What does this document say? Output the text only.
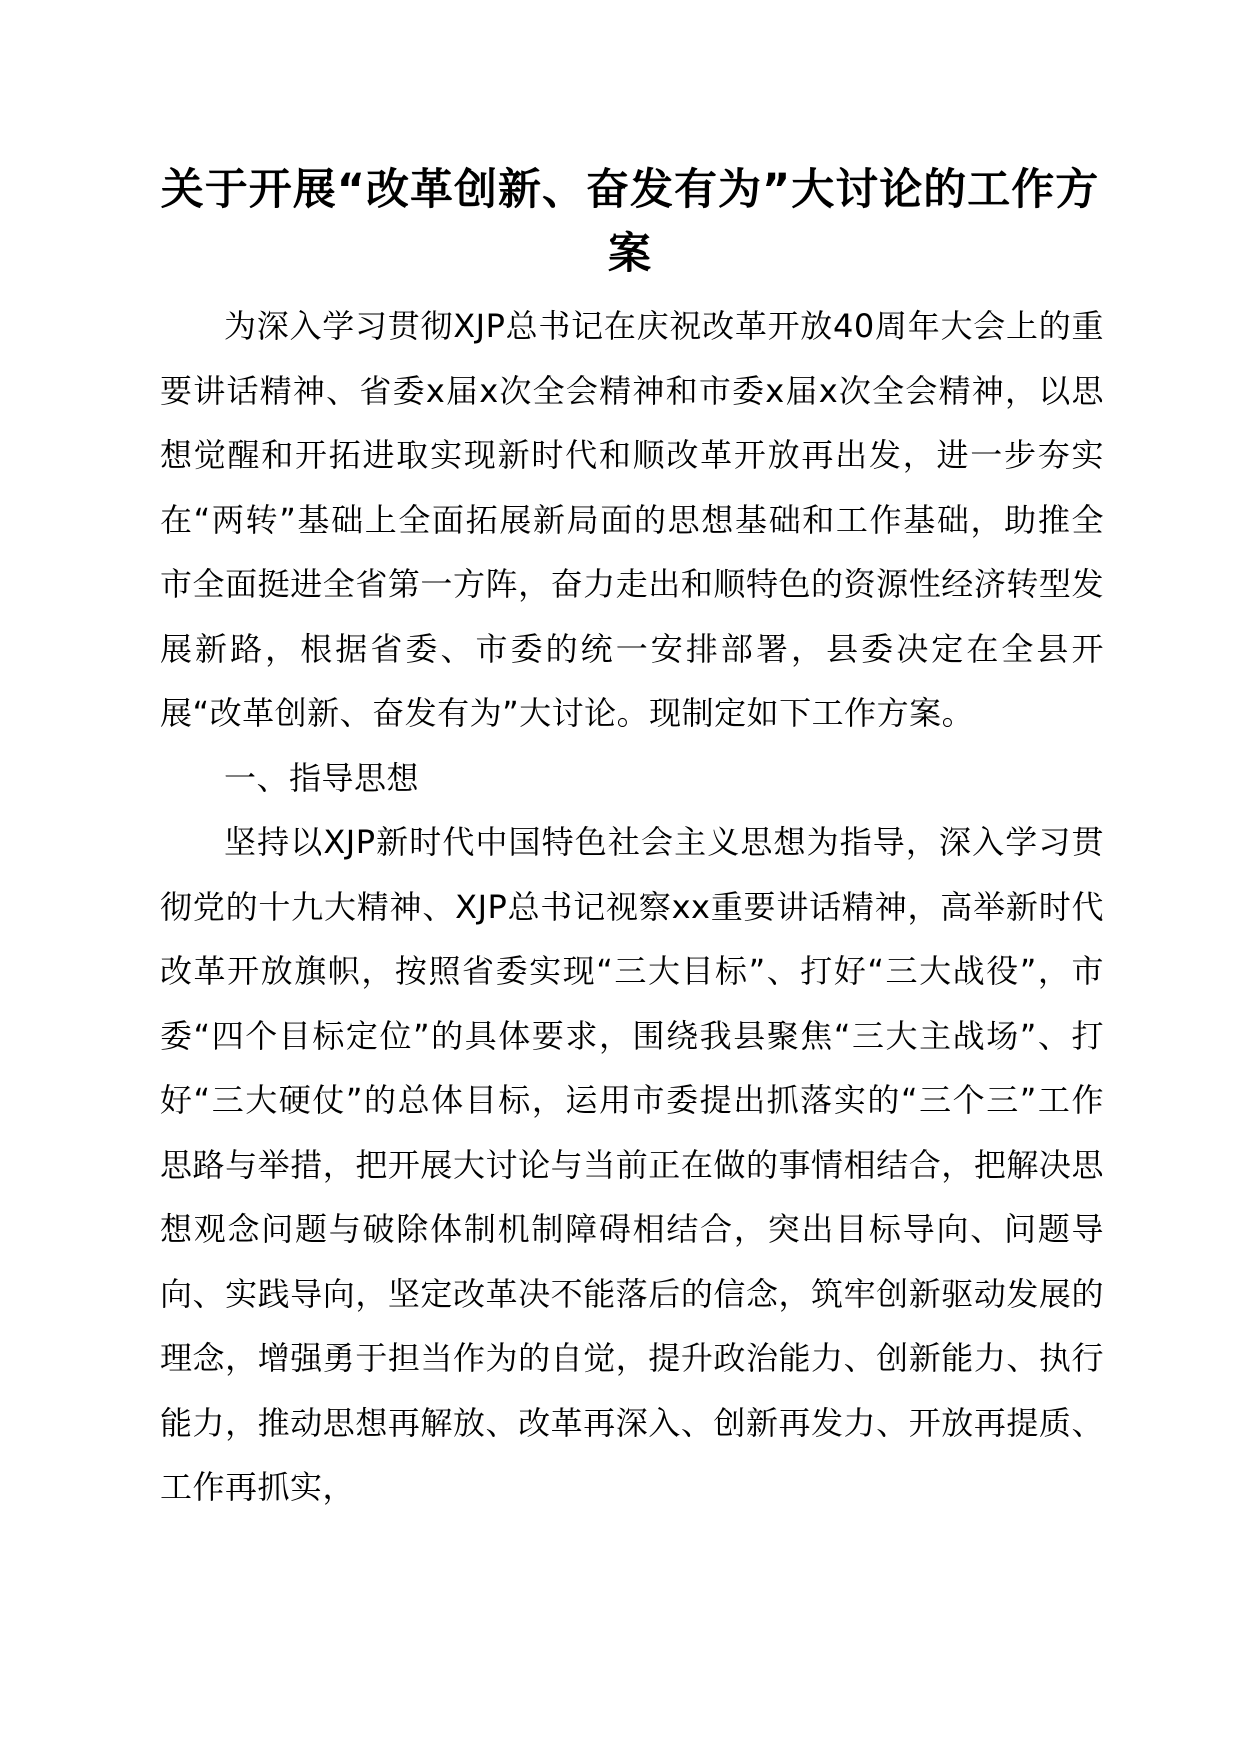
关于开展“改革创新、奋发有为”大讨论的工作方案

为深入学习贯彻XJP总书记在庆祝改革开放40周年大会上的重要讲话精神、省委x届x次全会精神和市委x届x次全会精神，以思想觉醒和开拓进取实现新时代和顺改革开放再出发，进一步夯实在“两转”基础上全面拓展新局面的思想基础和工作基础，助推全市全面挺进全省第一方阵，奋力走出和顺特色的资源性经济转型发展新路，根据省委、市委的统一安排部署，县委决定在全县开展“改革创新、奋发有为”大讨论。现制定如下工作方案。

一、指导思想

坚持以XJP新时代中国特色社会主义思想为指导，深入学习贯彻党的十九大精神、XJP总书记视察xx重要讲话精神，高举新时代改革开放旗帜，按照省委实现“三大目标”、打好“三大战役”，市委“四个目标定位”的具体要求，围绕我县聚焦“三大主战场”、打好“三大硬仗”的总体目标，运用市委提出抓落实的“三个三”工作思路与举措，把开展大讨论与当前正在做的事情相结合，把解决思想观念问题与破除体制机制障碍相结合，突出目标导向、问题导向、实践导向，坚定改革决不能落后的信念，筑牢创新驱动发展的理念，增强勇于担当作为的自觉，提升政治能力、创新能力、执行能力，推动思想再解放、改革再深入、创新再发力、开放再提质、工作再抓实，
